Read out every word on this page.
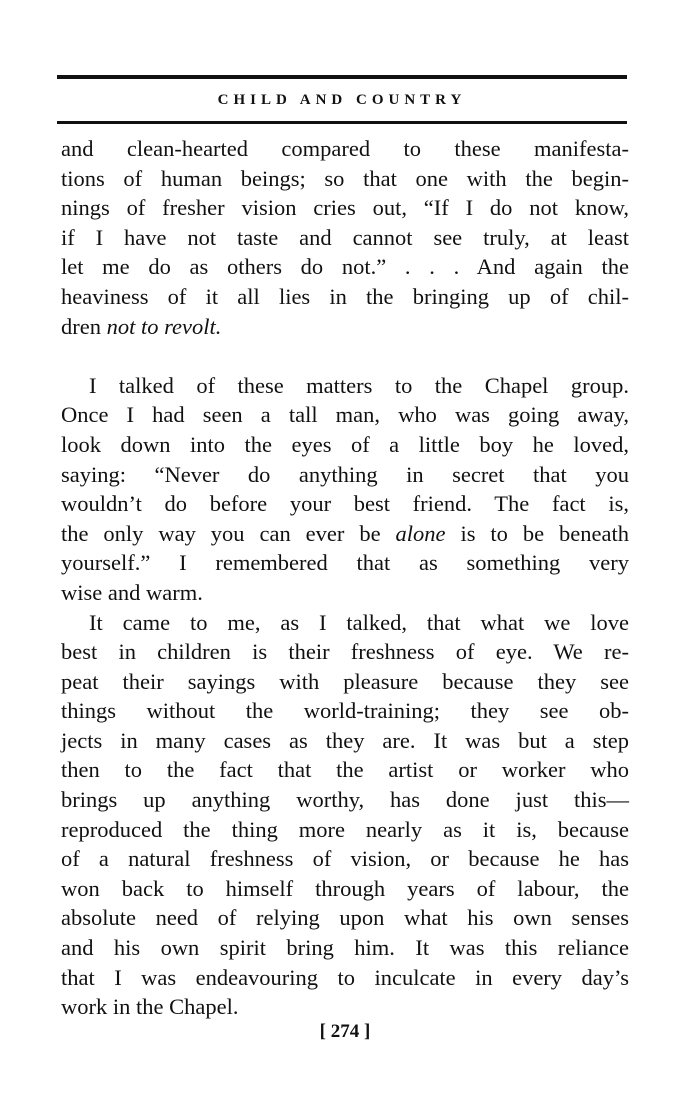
CHILD AND COUNTRY
and clean-hearted compared to these manifesta-
tions of human beings; so that one with the begin-
nings of fresher vision cries out, “If I do not know,
if I have not taste and cannot see truly, at least
let me do as others do not.” . . . And again the
heaviness of it all lies in the bringing up of chil-
dren not to revolt.
I talked of these matters to the Chapel group.
Once I had seen a tall man, who was going away,
look down into the eyes of a little boy he loved,
saying: “Never do anything in secret that you
wouldn’t do before your best friend. The fact is,
the only way you can ever be alone is to be beneath
yourself.” I remembered that as something very
wise and warm.
It came to me, as I talked, that what we love
best in children is their freshness of eye. We re-
peat their sayings with pleasure because they see
things without the world-training; they see ob-
jects in many cases as they are. It was but a step
then to the fact that the artist or worker who
brings up anything worthy, has done just this—
reproduced the thing more nearly as it is, because
of a natural freshness of vision, or because he has
won back to himself through years of labour, the
absolute need of relying upon what his own senses
and his own spirit bring him. It was this reliance
that I was endeavouring to inculcate in every day’s
work in the Chapel.
[ 274 ]
